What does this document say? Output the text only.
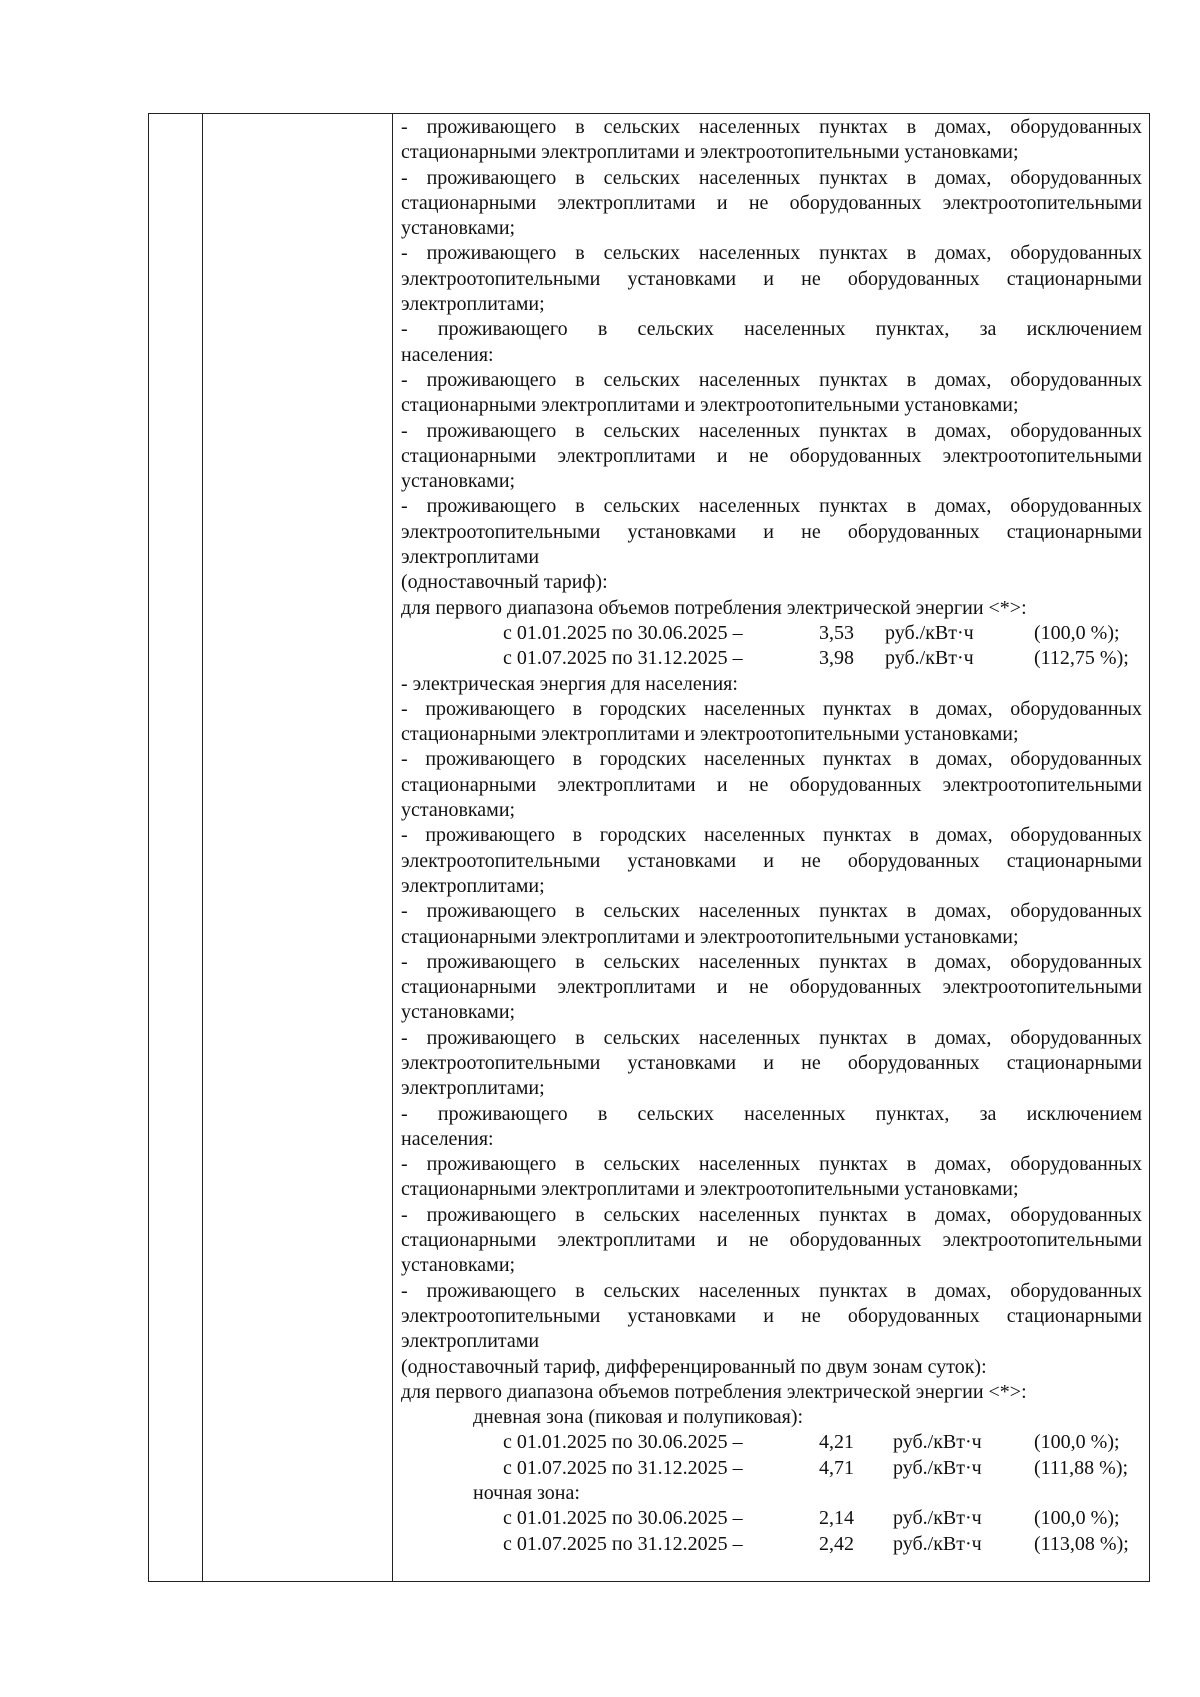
- проживающего в сельских населенных пунктах в домах, оборудованных
стационарными электроплитами и электроотопительными установками;
- проживающего в сельских населенных пунктах в домах, оборудованных
стационарными электроплитами и не оборудованных электроотопительными
установками;
- проживающего в сельских населенных пунктах в домах, оборудованных
электроотопительными установками и не оборудованных стационарными
электроплитами;
- проживающего в сельских населенных пунктах, за исключением
населения:
- проживающего в сельских населенных пунктах в домах, оборудованных
стационарными электроплитами и электроотопительными установками;
- проживающего в сельских населенных пунктах в домах, оборудованных
стационарными электроплитами и не оборудованных электроотопительными
установками;
- проживающего в сельских населенных пунктах в домах, оборудованных
электроотопительными установками и не оборудованных стационарными
электроплитами
(одноставочный тариф):
для первого диапазона объемов потребления электрической энергии <*>:
с 01.01.2025 по 30.06.2025 –	3,53 руб./кВт·ч	(100,0 %);
с 01.07.2025 по 31.12.2025 –	3,98 руб./кВт·ч	(112,75 %);
- электрическая энергия для населения:
- проживающего в городских населенных пунктах в домах, оборудованных
стационарными электроплитами и электроотопительными установками;
- проживающего в городских населенных пунктах в домах, оборудованных
стационарными электроплитами и не оборудованных электроотопительными
установками;
- проживающего в городских населенных пунктах в домах, оборудованных
электроотопительными установками и не оборудованных стационарными
электроплитами;
- проживающего в сельских населенных пунктах в домах, оборудованных
стационарными электроплитами и электроотопительными установками;
- проживающего в сельских населенных пунктах в домах, оборудованных
стационарными электроплитами и не оборудованных электроотопительными
установками;
- проживающего в сельских населенных пунктах в домах, оборудованных
электроотопительными установками и не оборудованных стационарными
электроплитами;
- проживающего в сельских населенных пунктах, за исключением
населения:
- проживающего в сельских населенных пунктах в домах, оборудованных
стационарными электроплитами и электроотопительными установками;
- проживающего в сельских населенных пунктах в домах, оборудованных
стационарными электроплитами и не оборудованных электроотопительными
установками;
- проживающего в сельских населенных пунктах в домах, оборудованных
электроотопительными установками и не оборудованных стационарными
электроплитами
(одноставочный тариф, дифференцированный по двум зонам суток):
для первого диапазона объемов потребления электрической энергии <*>:
дневная зона (пиковая и полупиковая):
с 01.01.2025 по 30.06.2025 –	4,21 руб./кВт·ч	(100,0 %);
с 01.07.2025 по 31.12.2025 –	4,71 руб./кВт·ч	(111,88 %);
ночная зона:
с 01.01.2025 по 30.06.2025 –	2,14 руб./кВт·ч	(100,0 %);
с 01.07.2025 по 31.12.2025 –	2,42 руб./кВт·ч	(113,08 %);
